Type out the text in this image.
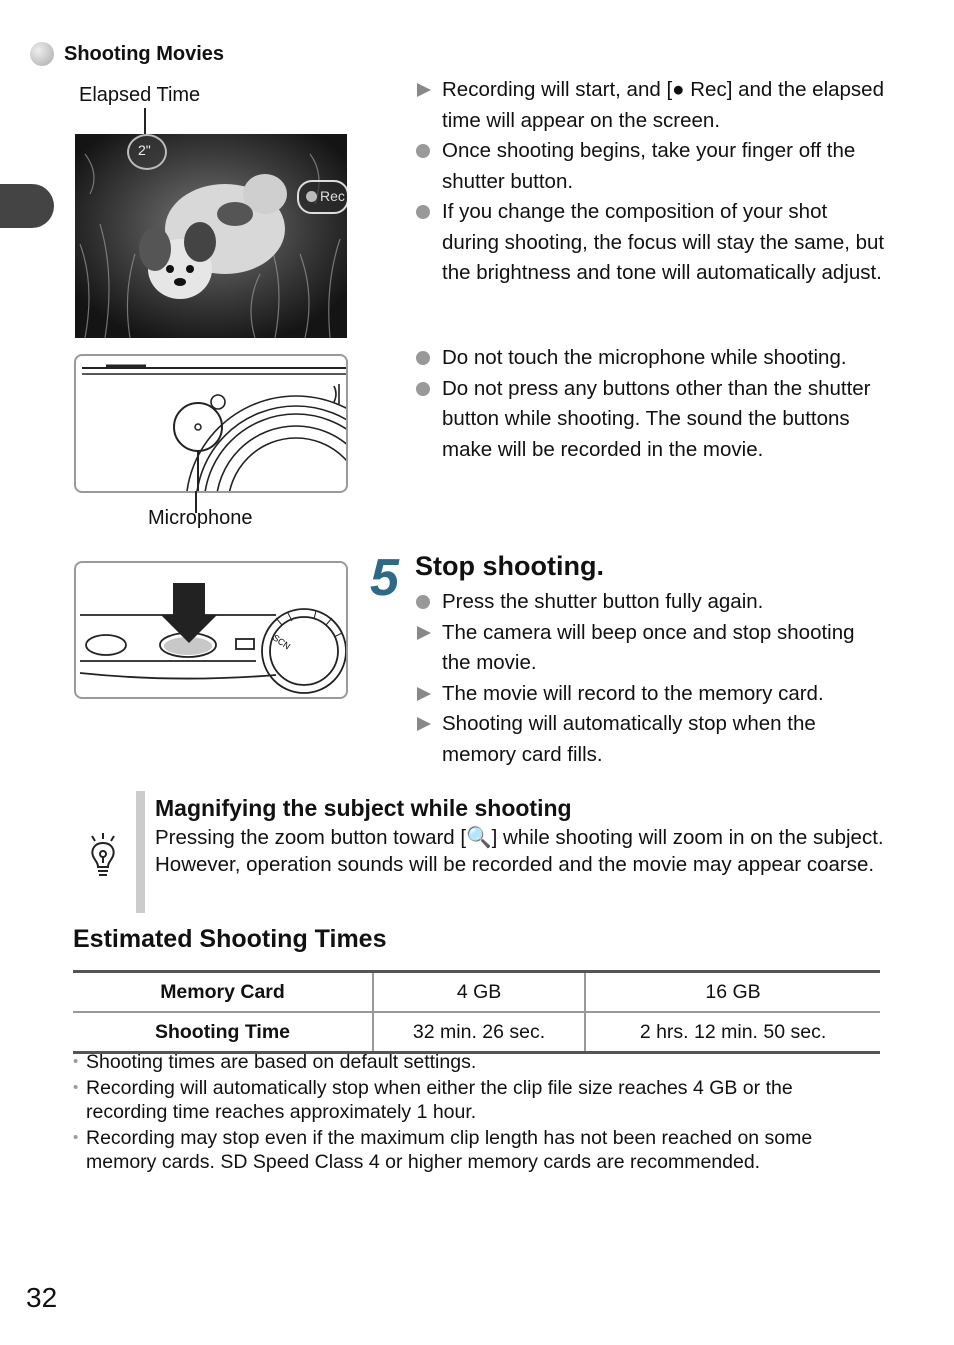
Shooting Movies
Elapsed Time
2"
Rec
Microphone
SCN
Recording will start, and [● Rec] and the elapsed time will appear on the screen.
Once shooting begins, take your finger off the shutter button.
If you change the composition of your shot during shooting, the focus will stay the same, but the brightness and tone will automatically adjust.
Do not touch the microphone while shooting.
Do not press any buttons other than the shutter button while shooting. The sound the buttons make will be recorded in the movie.
5 Stop shooting.
Press the shutter button fully again.
The camera will beep once and stop shooting the movie.
The movie will record to the memory card.
Shooting will automatically stop when the memory card fills.
Magnifying the subject while shooting
Pressing the zoom button toward [🔍] while shooting will zoom in on the subject. However, operation sounds will be recorded and the movie may appear coarse.
Estimated Shooting Times
Memory Card	4 GB	16 GB
Shooting Time	32 min. 26 sec.	2 hrs. 12 min. 50 sec.
• Shooting times are based on default settings.
• Recording will automatically stop when either the clip file size reaches 4 GB or the recording time reaches approximately 1 hour.
• Recording may stop even if the maximum clip length has not been reached on some memory cards. SD Speed Class 4 or higher memory cards are recommended.
32
